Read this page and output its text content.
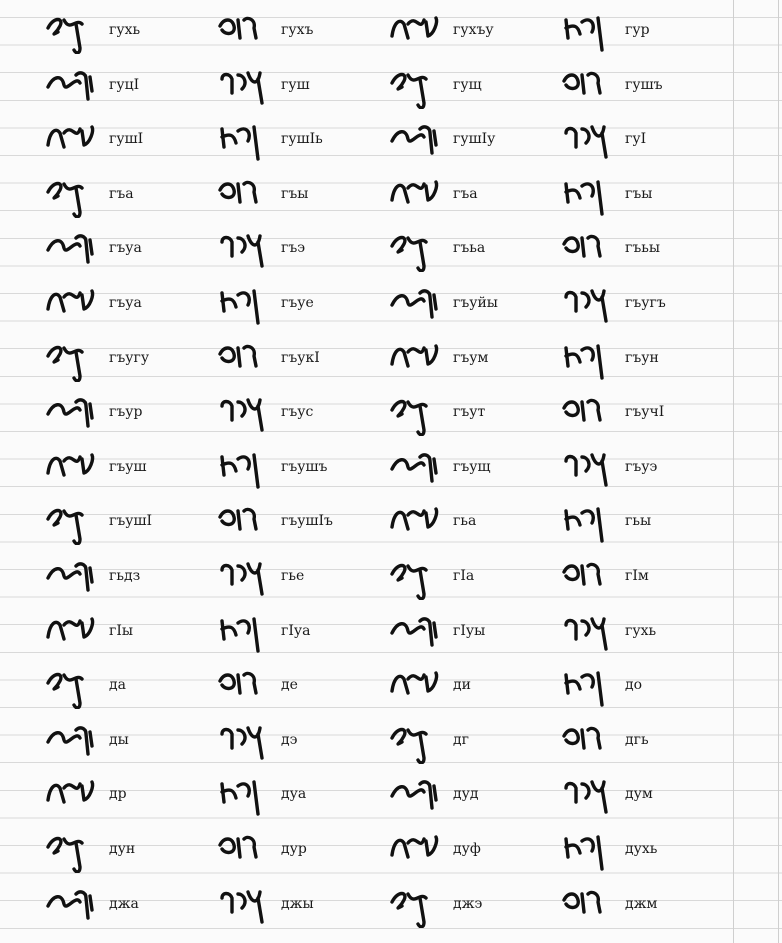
гухь	гухъ	гухъу	гур
гуцI	гуш	гущ	гушъ
гушI	гушIь	гушIу	гуI
гъа	гъы	гъа	гъы
гъуа	гъэ	гъьа	гъьы
гъуа	гъуе	гъуйы	гъугъ
гъугу	гъукI	гъум	гъун
гъур	гъус	гъут	гъучI
гъуш	гъушъ	гъущ	гъуэ
гъушI	гъушIъ	гьа	гьы
гьдз	гье	гIа	гIм
гIы	гIуа	гIуы	гухь
да	де	ди	до
ды	дэ	дг	дгь
др	дуа	дуд	дум
дун	дур	дуф	духь
джа	джы	джэ	джм
